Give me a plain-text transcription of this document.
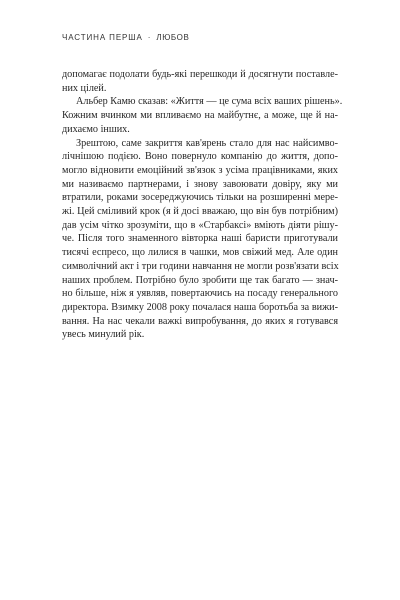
ЧАСТИНА ПЕРША · ЛЮБОВ

допомагає подолати будь-які перешкоди й досягнути поставле-
них цілей.

Альбер Камю сказав: «Життя — це сума всіх ваших рішень».
Кожним вчинком ми впливаємо на майбутнє, а може, ще й на-
дихаємо інших.

Зрештою, саме закриття кав'ярень стало для нас найсимво-
лічнішою подією. Воно повернуло компанію до життя, допо-
могло відновити емоційний зв'язок з усіма працівниками, яких
ми називаємо партнерами, і знову завоювати довіру, яку ми
втратили, роками зосереджуючись тільки на розширенні мере-
жі. Цей сміливий крок (я й досі вважаю, що він був потрібним)
дав усім чітко зрозуміти, що в «Старбаксі» вміють діяти рішу-
че. Після того знаменного вівторка наші баристи приготували
тисячі еспресо, що лилися в чашки, мов свіжий мед. Але один
символічний акт і три години навчання не могли розв'язати всіх
наших проблем. Потрібно було зробити ще так багато — знач-
но більше, ніж я уявляв, повертаючись на посаду генерального
директора. Взимку 2008 року почалася наша боротьба за вижи-
вання. На нас чекали важкі випробування, до яких я готувався
увесь минулий рік.
